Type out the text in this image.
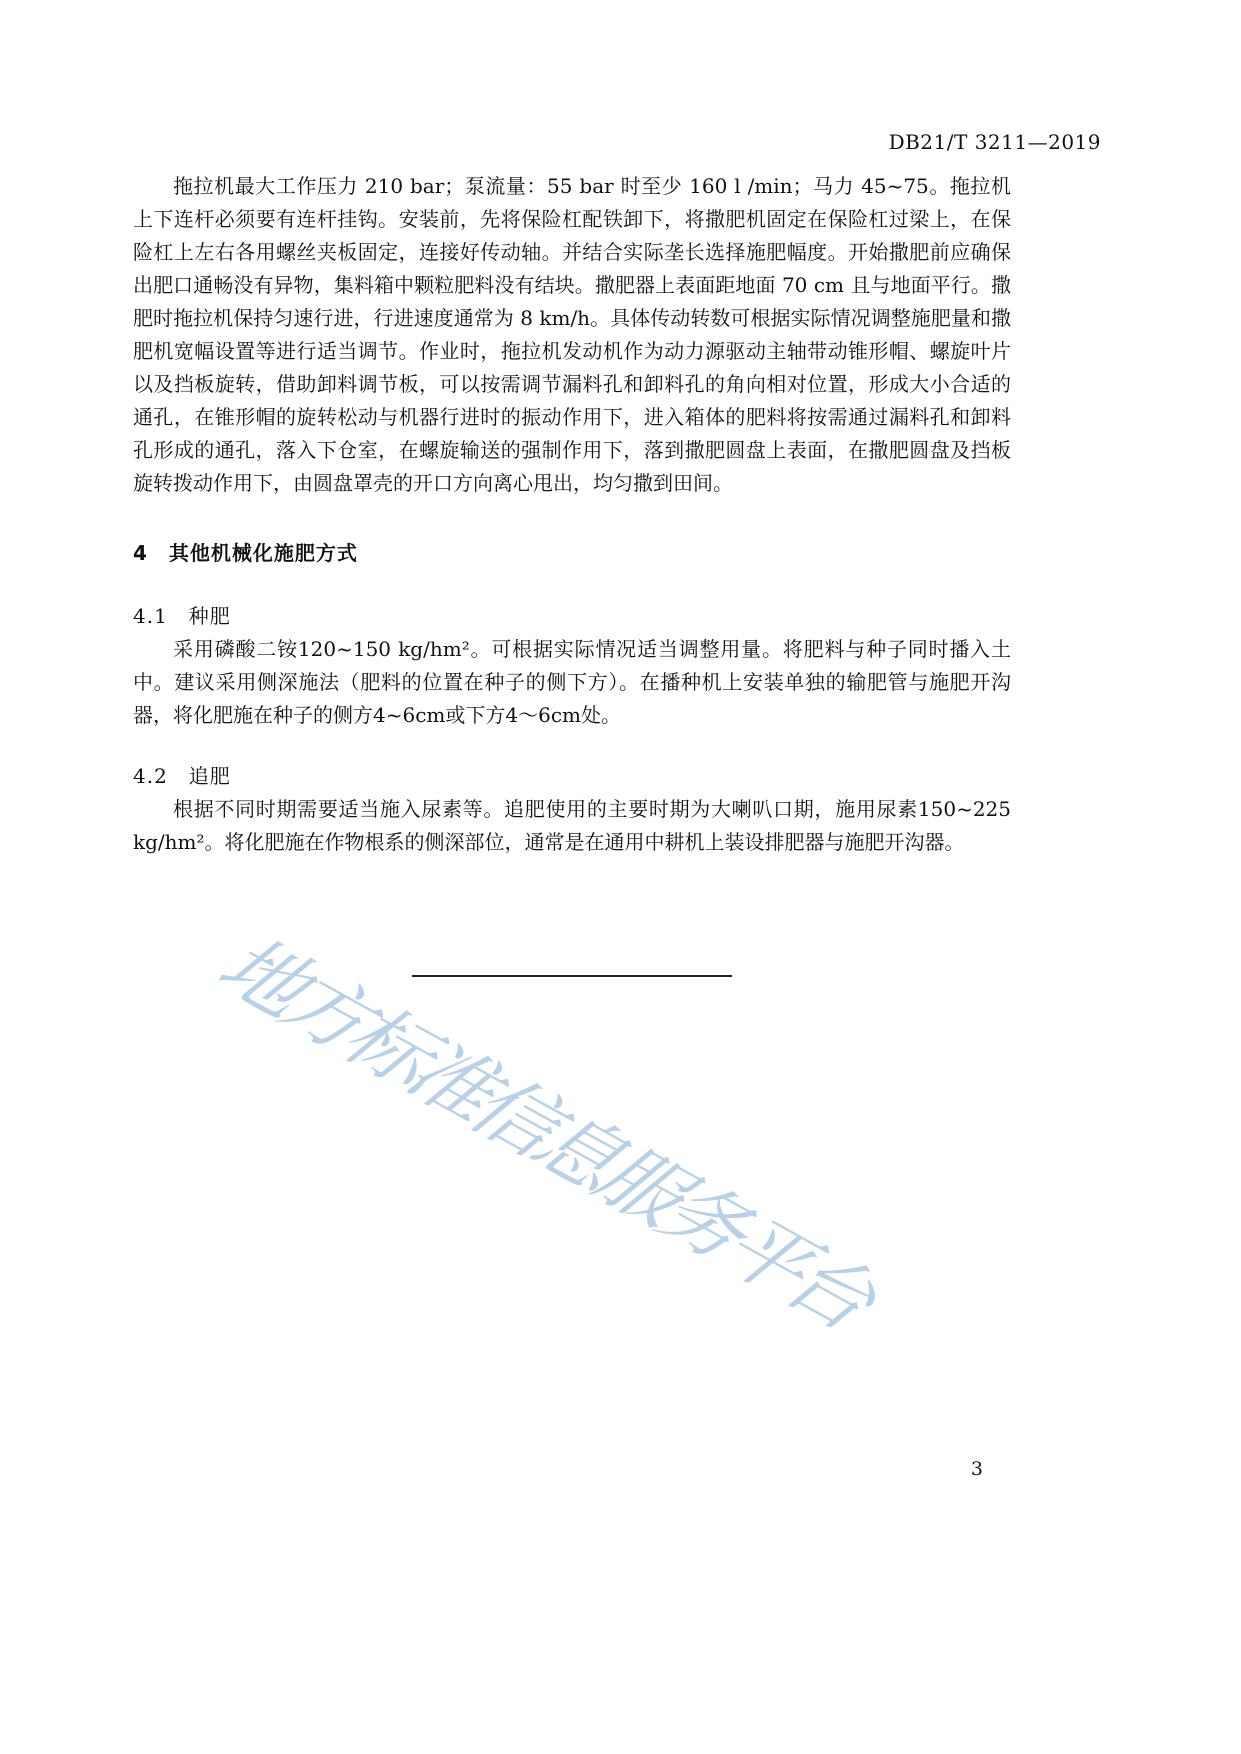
DB21/T 3211—2019

拖拉机最大工作压力 210 bar；泵流量：55 bar 时至少 160 l /min；马力 45~75。拖拉机上下连杆必须要有连杆挂钩。安装前，先将保险杠配铁卸下，将撒肥机固定在保险杠过梁上，在保险杠上左右各用螺丝夹板固定，连接好传动轴。并结合实际垄长选择施肥幅度。开始撒肥前应确保出肥口通畅没有异物，集料箱中颗粒肥料没有结块。撒肥器上表面距地面 70 cm 且与地面平行。撒肥时拖拉机保持匀速行进，行进速度通常为 8 km/h。具体传动转数可根据实际情况调整施肥量和撒肥机宽幅设置等进行适当调节。作业时，拖拉机发动机作为动力源驱动主轴带动锥形帽、螺旋叶片以及挡板旋转，借助卸料调节板，可以按需调节漏料孔和卸料孔的角向相对位置，形成大小合适的通孔，在锥形帽的旋转松动与机器行进时的振动作用下，进入箱体的肥料将按需通过漏料孔和卸料孔形成的通孔，落入下仓室，在螺旋输送的强制作用下，落到撒肥圆盘上表面，在撒肥圆盘及挡板旋转拨动作用下，由圆盘罩壳的开口方向离心甩出，均匀撒到田间。

4　其他机械化施肥方式
4.1　种肥

采用磷酸二铵120~150 kg/hm²。可根据实际情况适当调整用量。将肥料与种子同时播入土中。建议采用侧深施法（肥料的位置在种子的侧下方）。在播种机上安装单独的输肥管与施肥开沟器，将化肥施在种子的侧方4~6cm或下方4～6cm处。

4.2　追肥

根据不同时期需要适当施入尿素等。追肥使用的主要时期为大喇叭口期，施用尿素150~225 kg/hm²。将化肥施在作物根系的侧深部位，通常是在通用中耕机上装设排肥器与施肥开沟器。

地方标准信息服务平台
3
